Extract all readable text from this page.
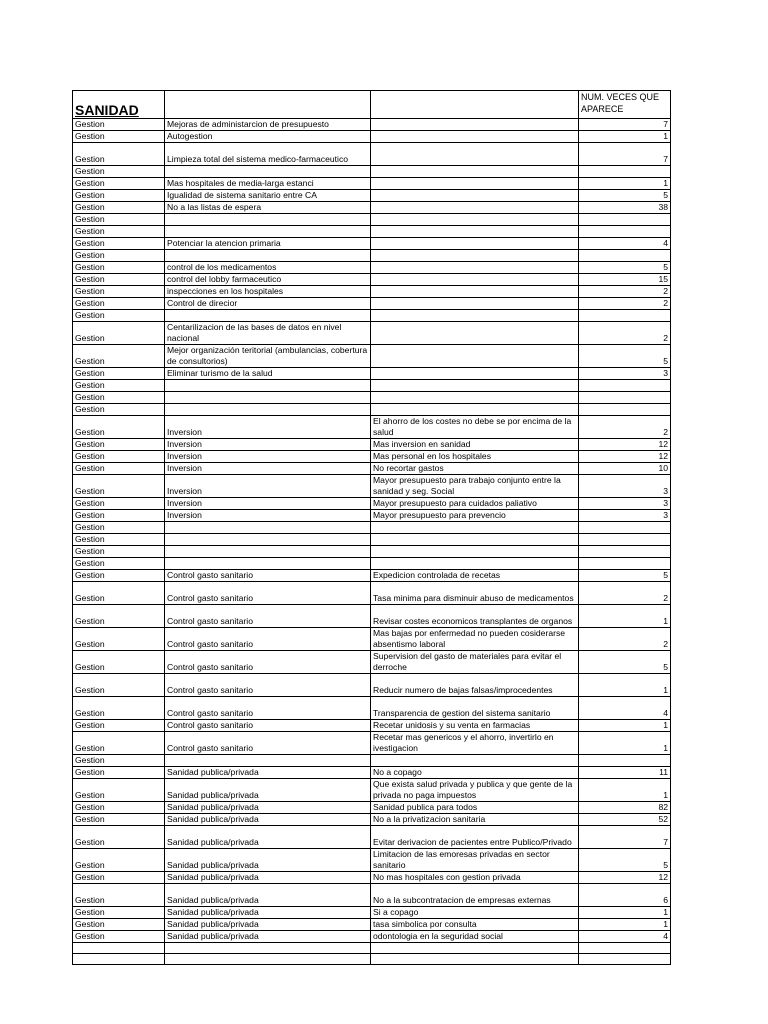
SANIDAD			NUM. VECES QUE APARECE
Gestion	Mejoras de administarcion de presupuesto		7
Gestion	Autogestion		1
Gestion	Limpieza total del sistema medico-farmaceutico		7
Gestion			
Gestion	Mas hospitales de media-larga estanci		1
Gestion	Igualidad de sistema sanitario entre CA		5
Gestion	No a las listas de espera		38
Gestion			
Gestion			
Gestion	Potenciar la atencion primaria		4
Gestion			
Gestion	control de los medicamentos		5
Gestion	control del lobby farmaceutico		15
Gestion	inspecciones en los hospitales		2
Gestion	Control de direcior		2
Gestion			
Gestion	Centarilizacion de las bases de datos en nivel nacional		2
Gestion	Mejor organización teritorial (ambulancias, cobertura de consultorios)		5
Gestion	Eliminar turismo de la salud		3
Gestion			
Gestion			
Gestion			
Gestion	Inversion	El ahorro de los costes no debe se por encima de la salud	2
Gestion	Inversion	Mas inversion en sanidad	12
Gestion	Inversion	Mas personal en los hospitales	12
Gestion	Inversion	No recortar gastos	10
Gestion	Inversion	Mayor presupuesto para trabajo conjunto entre la sanidad y seg. Social	3
Gestion	Inversion	Mayor presupuesto para cuidados paliativo	3
Gestion	Inversion	Mayor presupuesto para prevencio	3
Gestion			
Gestion			
Gestion			
Gestion			
Gestion	Control gasto sanitario	Expedicion controlada de recetas	5
Gestion	Control gasto sanitario	Tasa minima para disminuir abuso de medicamentos	2
Gestion	Control gasto sanitario	Revisar costes economicos transplantes de organos	1
Gestion	Control gasto sanitario	Mas bajas por enfermedad no pueden cosiderarse absentismo laboral	2
Gestion	Control gasto sanitario	Supervision del gasto de materiales para evitar el derroche	5
Gestion	Control gasto sanitario	Reducir numero de bajas falsas/improcedentes	1
Gestion	Control gasto sanitario	Transparencia de gestion del sistema sanitario	4
Gestion	Control gasto sanitario	Recetar unidosis y su venta en farmacias	1
Gestion	Control gasto sanitario	Recetar mas genericos y el ahorro, invertirlo en ivestigacion	1
Gestion			
Gestion	Sanidad publica/privada	No a copago	11
Gestion	Sanidad publica/privada	Que exista salud privada y publica y que gente de la privada no paga impuestos	1
Gestion	Sanidad publica/privada	Sanidad publica para todos	82
Gestion	Sanidad publica/privada	No a la privatizacion sanitaria	52
Gestion	Sanidad publica/privada	Evitar derivacion de pacientes entre Publico/Privado	7
Gestion	Sanidad publica/privada	Limitacion de las emoresas privadas en sector sanitario	5
Gestion	Sanidad publica/privada	No mas hospitales con gestion privada	12
Gestion	Sanidad publica/privada	No a la subcontratacion de empresas externas	6
Gestion	Sanidad publica/privada	Si a copago	1
Gestion	Sanidad publica/privada	tasa simbolica por consulta	1
Gestion	Sanidad publica/privada	odontologia en la seguridad social	4
